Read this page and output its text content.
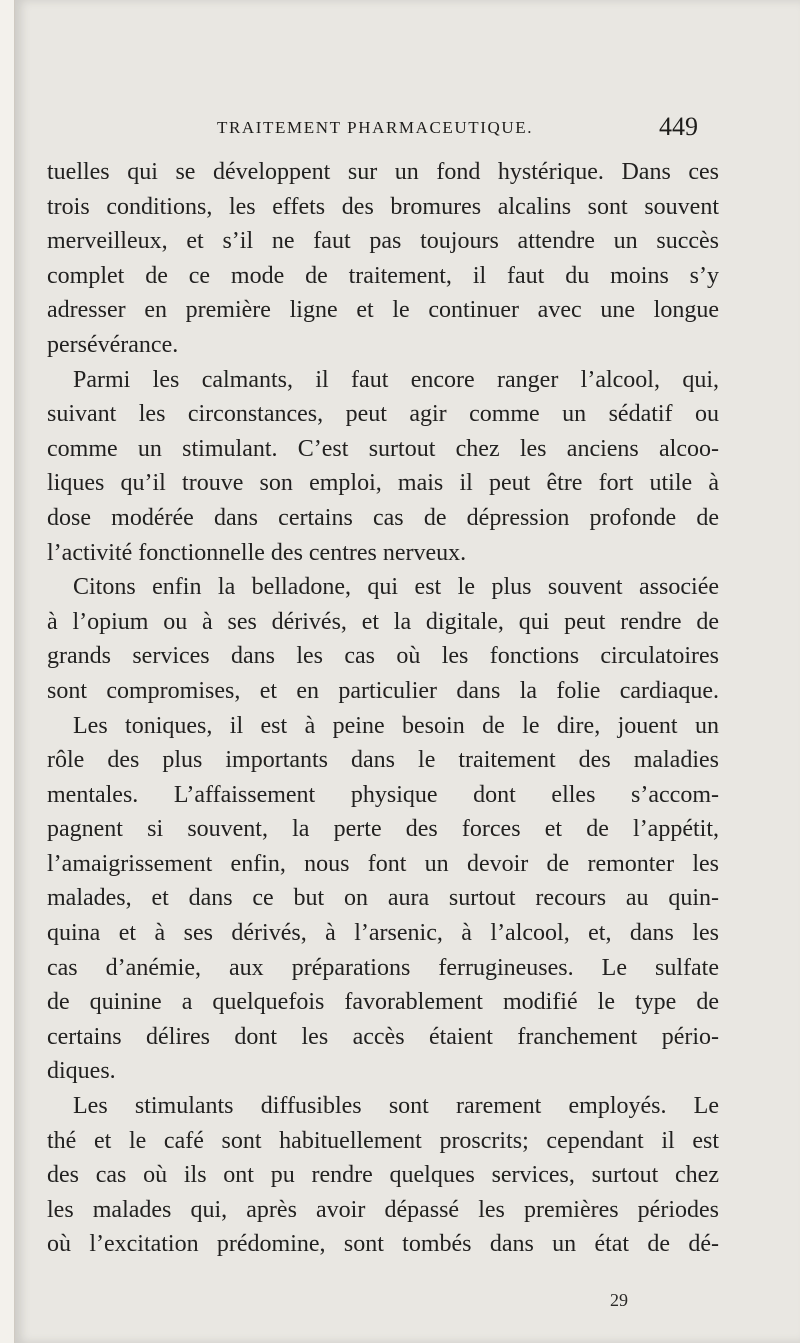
TRAITEMENT PHARMACEUTIQUE.	449
tuelles qui se développent sur un fond hystérique. Dans ces
trois conditions, les effets des bromures alcalins sont souvent
merveilleux, et s’il ne faut pas toujours attendre un succès
complet de ce mode de traitement, il faut du moins s’y
adresser en première ligne et le continuer avec une longue
persévérance.
Parmi les calmants, il faut encore ranger l’alcool, qui,
suivant les circonstances, peut agir comme un sédatif ou
comme un stimulant. C’est surtout chez les anciens alcoo-
liques qu’il trouve son emploi, mais il peut être fort utile à
dose modérée dans certains cas de dépression profonde de
l’activité fonctionnelle des centres nerveux.
Citons enfin la belladone, qui est le plus souvent associée
à l’opium ou à ses dérivés, et la digitale, qui peut rendre de
grands services dans les cas où les fonctions circulatoires
sont compromises, et en particulier dans la folie cardiaque.
Les toniques, il est à peine besoin de le dire, jouent un
rôle des plus importants dans le traitement des maladies
mentales. L’affaissement physique dont elles s’accom-
pagnent si souvent, la perte des forces et de l’appétit,
l’amaigrissement enfin, nous font un devoir de remonter les
malades, et dans ce but on aura surtout recours au quin-
quina et à ses dérivés, à l’arsenic, à l’alcool, et, dans les
cas d’anémie, aux préparations ferrugineuses. Le sulfate
de quinine a quelquefois favorablement modifié le type de
certains délires dont les accès étaient franchement pério-
diques.
Les stimulants diffusibles sont rarement employés. Le
thé et le café sont habituellement proscrits; cependant il est
des cas où ils ont pu rendre quelques services, surtout chez
les malades qui, après avoir dépassé les premières périodes
où l’excitation prédomine, sont tombés dans un état de dé-
29
